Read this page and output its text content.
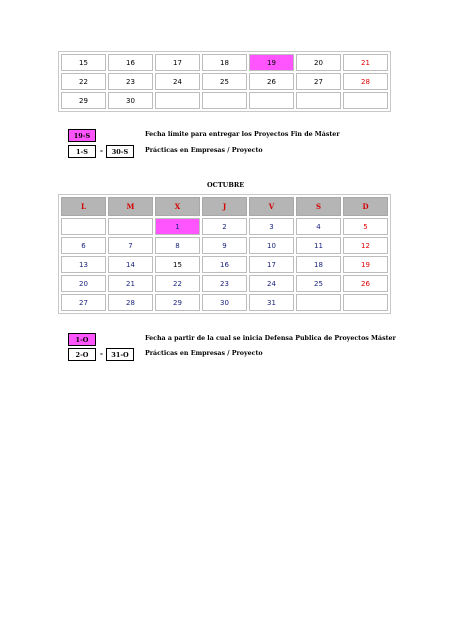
15	16	17	18	19	20	21
22	23	24	25	26	27	28
29	30					
19-S
1-S	-	30-S
Fecha límite para entregar los Proyectos Fin de Máster
Prácticas en Empresas / Proyecto
OCTUBRE
L	M	X	J	V	S	D
		1	2	3	4	5
6	7	8	9	10	11	12
13	14	15	16	17	18	19
20	21	22	23	24	25	26
27	28	29	30	31		
1-O
2-O	-	31-O
Fecha a partir de la cual se inicia Defensa Publica de Proyectos Máster
Prácticas en Empresas / Proyecto
